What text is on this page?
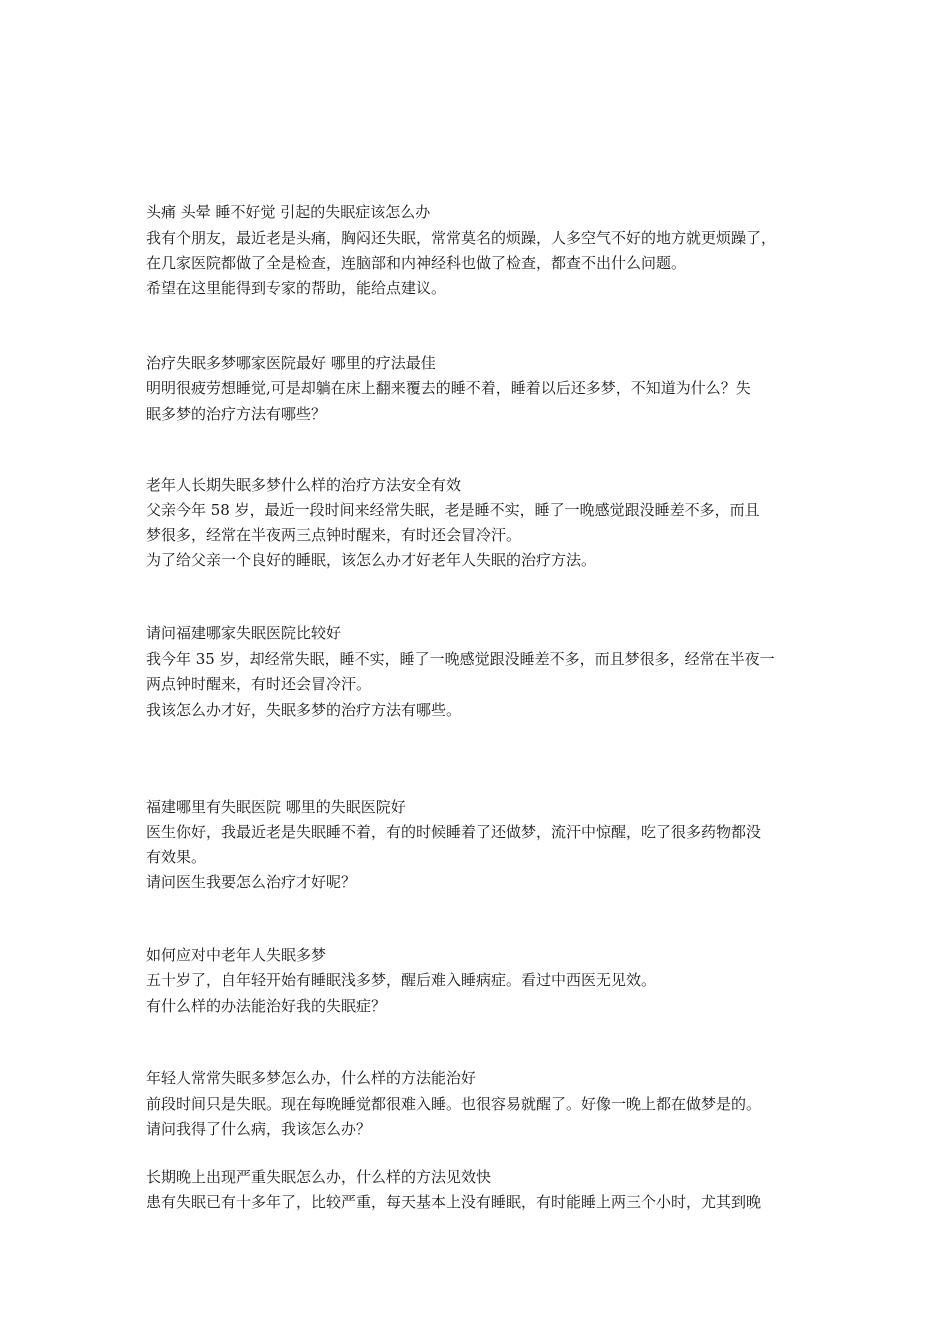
头痛 头晕 睡不好觉 引起的失眠症该怎么办
我有个朋友，最近老是头痛，胸闷还失眠，常常莫名的烦躁，人多空气不好的地方就更烦躁了，
在几家医院都做了全是检查，连脑部和内神经科也做了检查，都查不出什么问题。
希望在这里能得到专家的帮助，能给点建议。
治疗失眠多梦哪家医院最好 哪里的疗法最佳
明明很疲劳想睡觉,可是却躺在床上翻来覆去的睡不着，睡着以后还多梦，不知道为什么？失
眠多梦的治疗方法有哪些？
老年人长期失眠多梦什么样的治疗方法安全有效
父亲今年 58 岁，最近一段时间来经常失眠，老是睡不实，睡了一晚感觉跟没睡差不多，而且
梦很多，经常在半夜两三点钟时醒来，有时还会冒冷汗。
为了给父亲一个良好的睡眠，该怎么办才好老年人失眠的治疗方法。
请问福建哪家失眠医院比较好
我今年 35 岁，却经常失眠，睡不实，睡了一晚感觉跟没睡差不多，而且梦很多，经常在半夜一
两点钟时醒来，有时还会冒冷汗。
我该怎么办才好，失眠多梦的治疗方法有哪些。
福建哪里有失眠医院 哪里的失眠医院好
医生你好，我最近老是失眠睡不着，有的时候睡着了还做梦，流汗中惊醒，吃了很多药物都没
有效果。
请问医生我要怎么治疗才好呢？
如何应对中老年人失眠多梦
五十岁了，自年轻开始有睡眠浅多梦，醒后难入睡病症。看过中西医无见效。
有什么样的办法能治好我的失眠症？
年轻人常常失眠多梦怎么办，什么样的方法能治好
前段时间只是失眠。现在每晚睡觉都很难入睡。也很容易就醒了。好像一晚上都在做梦是的。
请问我得了什么病，我该怎么办？
长期晚上出现严重失眠怎么办，什么样的方法见效快
患有失眠已有十多年了，比较严重，每天基本上没有睡眠，有时能睡上两三个小时，尤其到晚
